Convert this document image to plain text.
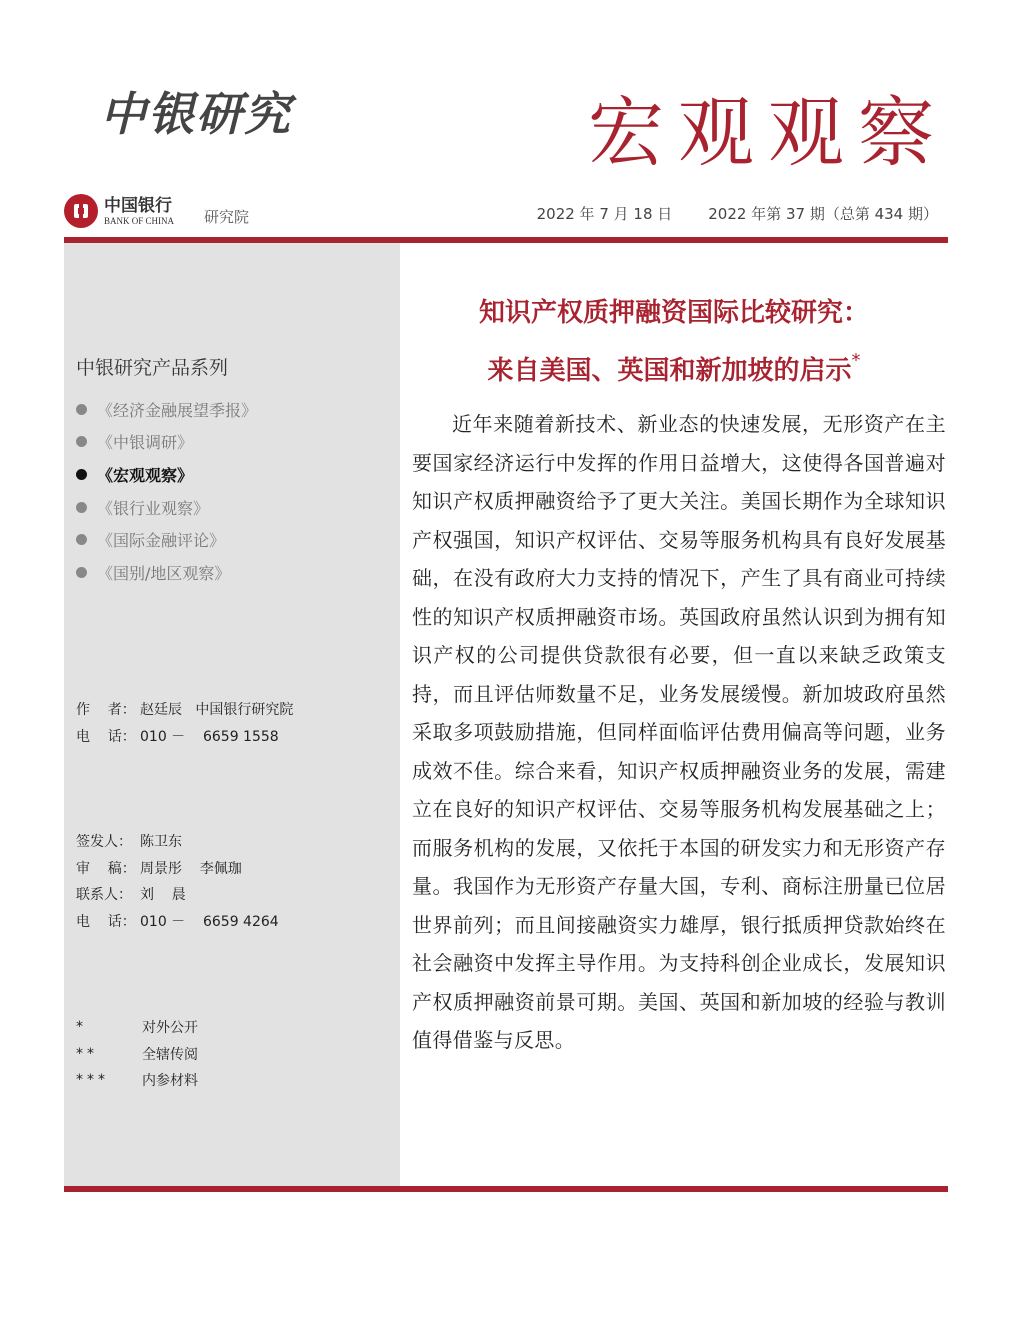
中银研究	宏观观察
中国银行
BANK OF CHINA 研究院	2022 年 7 月 18 日 2022 年第 37 期（总第 434 期）
中银研究产品系列
《经济金融展望季报》
《中银调研》
《宏观观察》
《银行业观察》
《国际金融评论》
《国别/地区观察》
作    者： 赵廷辰   中国银行研究院
电    话： 010 －    6659 1558
签发人： 陈卫东
审    稿： 周景彤    李佩珈
联系人： 刘    晨
电    话： 010 －    6659 4264
*	对外公开
**	全辖传阅
***	内参材料
知识产权质押融资国际比较研究：
来自美国、英国和新加坡的启示*

近年来随着新技术、新业态的快速发展，无形资产在主要国家经济运行中发挥的作用日益增大，这使得各国普遍对知识产权质押融资给予了更大关注。美国长期作为全球知识产权强国，知识产权评估、交易等服务机构具有良好发展基础，在没有政府大力支持的情况下，产生了具有商业可持续性的知识产权质押融资市场。英国政府虽然认识到为拥有知识产权的公司提供贷款很有必要，但一直以来缺乏政策支持，而且评估师数量不足，业务发展缓慢。新加坡政府虽然采取多项鼓励措施，但同样面临评估费用偏高等问题，业务成效不佳。综合来看，知识产权质押融资业务的发展，需建立在良好的知识产权评估、交易等服务机构发展基础之上；而服务机构的发展，又依托于本国的研发实力和无形资产存量。我国作为无形资产存量大国，专利、商标注册量已位居世界前列；而且间接融资实力雄厚，银行抵质押贷款始终在社会融资中发挥主导作用。为支持科创企业成长，发展知识产权质押融资前景可期。美国、英国和新加坡的经验与教训值得借鉴与反思。
